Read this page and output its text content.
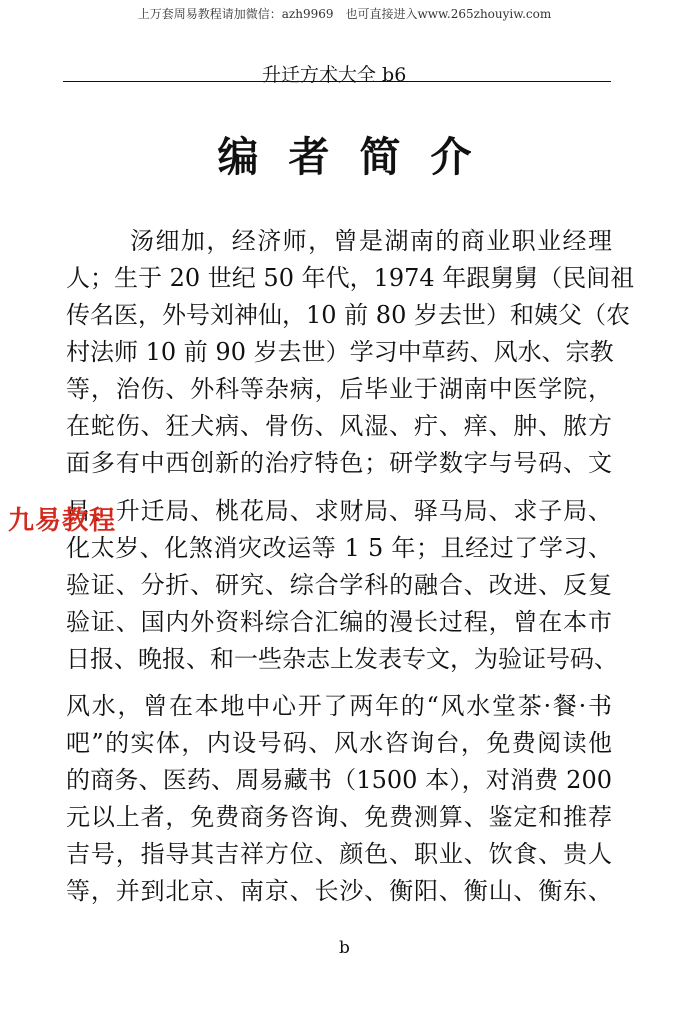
上万套周易教程请加微信：azh9969　也可直接进入www.265zhouyiw.com
升迁方术大全 b6
编者简介
汤细加，经济师，曾是湖南的商业职业经理
人；生于 20 世纪 50 年代，1974 年跟舅舅（民间祖
传名医，外号刘神仙，10 前 80 岁去世）和姨父（农
村法师 10 前 90 岁去世）学习中草药、风水、宗教
等，治伤、外科等杂病，后毕业于湖南中医学院，
在蛇伤、狂犬病、骨伤、风湿、疔、痒、肿、脓方
面多有中西创新的治疗特色；研学数字与号码、文
昌、升迁局、桃花局、求财局、驿马局、求子局、
化太岁、化煞消灾改运等 1 5 年；且经过了学习、
验证、分折、研究、综合学科的融合、改进、反复
验证、国内外资料综合汇编的漫长过程，曾在本市
日报、晚报、和一些杂志上发表专文，为验证号码、
风水，曾在本地中心开了两年的“风水堂茶·餐·书
吧”的实体，内设号码、风水咨询台，免费阅读他
的商务、医药、周易藏书（1500 本），对消费 200
元以上者，免费商务咨询、免费测算、鉴定和推荐
吉号，指导其吉祥方位、颜色、职业、饮食、贵人
等，并到北京、南京、长沙、衡阳、衡山、衡东、
九易教程
b
